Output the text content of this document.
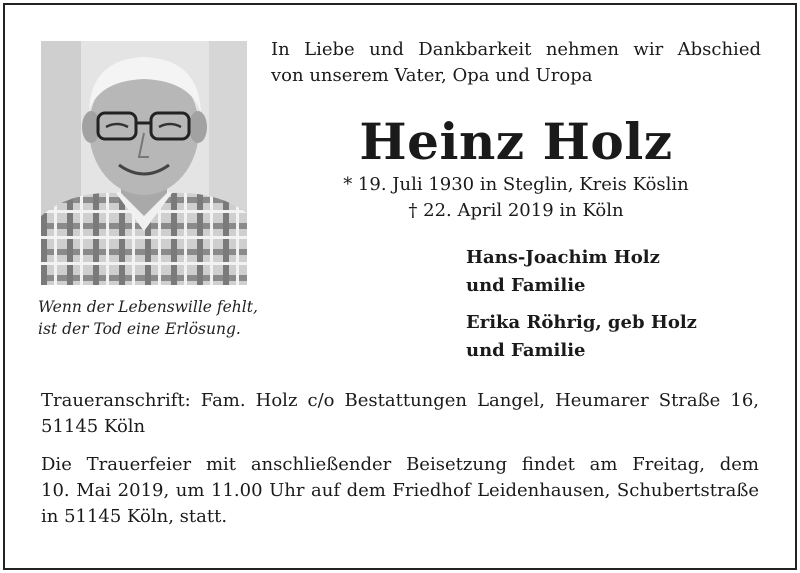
Wenn der Lebenswille fehlt,
ist der Tod eine Erlösung.
In Liebe und Dankbarkeit nehmen wir Abschied
von unserem Vater, Opa und Uropa
Heinz Holz
* 19. Juli 1930 in Steglin, Kreis Köslin
† 22. April 2019 in Köln
Hans-Joachim Holz
und Familie
Erika Röhrig, geb Holz
und Familie
Traueranschrift: Fam. Holz c/o Bestattungen Langel, Heumarer Straße 16,
51145 Köln
Die Trauerfeier mit anschließender Beisetzung findet am Freitag, dem
10. Mai 2019, um 11.00 Uhr auf dem Friedhof Leidenhausen, Schubertstraße
in 51145 Köln, statt.
